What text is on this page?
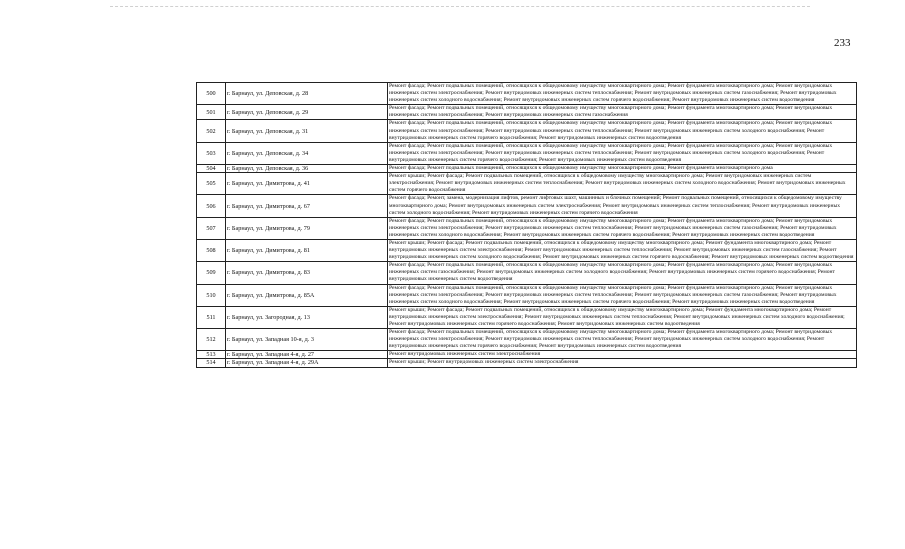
233
500	г. Барнаул, ул. Деповская, д. 28	Ремонт фасада; Ремонт подвальных помещений, относящихся к общедомовому имуществу многоквартирного дома; Ремонт фундамента многоквартирного дома; Ремонт внутридомовых инженерных систем электроснабжения; Ремонт внутридомовых инженерных систем теплоснабжения; Ремонт внутридомовых инженерных систем газоснабжения; Ремонт внутридомовых инженерных систем холодного водоснабжения; Ремонт внутридомовых инженерных систем горячего водоснабжения; Ремонт внутридомовых инженерных систем водоотведения
501	г. Барнаул, ул. Деповская, д. 29	Ремонт фасада; Ремонт подвальных помещений, относящихся к общедомовому имуществу многоквартирного дома; Ремонт фундамента многоквартирного дома; Ремонт внутридомовых инженерных систем электроснабжения; Ремонт внутридомовых инженерных систем газоснабжения
502	г. Барнаул, ул. Деповская, д. 31	Ремонт фасада; Ремонт подвальных помещений, относящихся к общедомовому имуществу многоквартирного дома; Ремонт фундамента многоквартирного дома; Ремонт внутридомовых инженерных систем электроснабжения; Ремонт внутридомовых инженерных систем теплоснабжения; Ремонт внутридомовых инженерных систем холодного водоснабжения; Ремонт внутридомовых инженерных систем горячего водоснабжения; Ремонт внутридомовых инженерных систем водоотведения
503	г. Барнаул, ул. Деповская, д. 34	Ремонт фасада; Ремонт подвальных помещений, относящихся к общедомовому имуществу многоквартирного дома; Ремонт фундамента многоквартирного дома; Ремонт внутридомовых инженерных систем электроснабжения; Ремонт внутридомовых инженерных систем теплоснабжения; Ремонт внутридомовых инженерных систем холодного водоснабжения; Ремонт внутридомовых инженерных систем горячего водоснабжения; Ремонт внутридомовых инженерных систем водоотведения
504	г. Барнаул, ул. Деповская, д. 36	Ремонт фасада; Ремонт подвальных помещений, относящихся к общедомовому имуществу многоквартирного дома; Ремонт фундамента многоквартирного дома
505	г. Барнаул, ул. Димитрова, д. 41	Ремонт крыши; Ремонт фасада; Ремонт подвальных помещений, относящихся к общедомовому имуществу многоквартирного дома; Ремонт внутридомовых инженерных систем электроснабжения; Ремонт внутридомовых инженерных систем теплоснабжения; Ремонт внутридомовых инженерных систем холодного водоснабжения; Ремонт внутридомовых инженерных систем горячего водоснабжения
506	г. Барнаул, ул. Димитрова, д. 67	Ремонт фасада; Ремонт, замена, модернизация лифтов, ремонт лифтовых шахт, машинных и блочных помещений; Ремонт подвальных помещений, относящихся к общедомовому имуществу многоквартирного дома; Ремонт внутридомовых инженерных систем электроснабжения; Ремонт внутридомовых инженерных систем теплоснабжения; Ремонт внутридомовых инженерных систем холодного водоснабжения; Ремонт внутридомовых инженерных систем горячего водоснабжения
507	г. Барнаул, ул. Димитрова, д. 79	Ремонт фасада; Ремонт подвальных помещений, относящихся к общедомовому имуществу многоквартирного дома; Ремонт фундамента многоквартирного дома; Ремонт внутридомовых инженерных систем электроснабжения; Ремонт внутридомовых инженерных систем теплоснабжения; Ремонт внутридомовых инженерных систем газоснабжения; Ремонт внутридомовых инженерных систем холодного водоснабжения; Ремонт внутридомовых инженерных систем горячего водоснабжения; Ремонт внутридомовых инженерных систем водоотведения
508	г. Барнаул, ул. Димитрова, д. 81	Ремонт крыши; Ремонт фасада; Ремонт подвальных помещений, относящихся к общедомовому имуществу многоквартирного дома; Ремонт фундамента многоквартирного дома; Ремонт внутридомовых инженерных систем электроснабжения; Ремонт внутридомовых инженерных систем теплоснабжения; Ремонт внутридомовых инженерных систем газоснабжения; Ремонт внутридомовых инженерных систем холодного водоснабжения; Ремонт внутридомовых инженерных систем горячего водоснабжения; Ремонт внутридомовых инженерных систем водоотведения
509	г. Барнаул, ул. Димитрова, д. 83	Ремонт фасада; Ремонт подвальных помещений, относящихся к общедомовому имуществу многоквартирного дома; Ремонт фундамента многоквартирного дома; Ремонт внутридомовых инженерных систем газоснабжения; Ремонт внутридомовых инженерных систем холодного водоснабжения; Ремонт внутридомовых инженерных систем горячего водоснабжения; Ремонт внутридомовых инженерных систем водоотведения
510	г. Барнаул, ул. Димитрова, д. 85А	Ремонт фасада; Ремонт подвальных помещений, относящихся к общедомовому имуществу многоквартирного дома; Ремонт фундамента многоквартирного дома; Ремонт внутридомовых инженерных систем электроснабжения; Ремонт внутридомовых инженерных систем теплоснабжения; Ремонт внутридомовых инженерных систем газоснабжения; Ремонт внутридомовых инженерных систем холодного водоснабжения; Ремонт внутридомовых инженерных систем горячего водоснабжения; Ремонт внутридомовых инженерных систем водоотведения
511	г. Барнаул, ул. Загородная, д. 13	Ремонт крыши; Ремонт фасада; Ремонт подвальных помещений, относящихся к общедомовому имуществу многоквартирного дома; Ремонт фундамента многоквартирного дома; Ремонт внутридомовых инженерных систем электроснабжения; Ремонт внутридомовых инженерных систем теплоснабжения; Ремонт внутридомовых инженерных систем холодного водоснабжения; Ремонт внутридомовых инженерных систем горячего водоснабжения; Ремонт внутридомовых инженерных систем водоотведения
512	г. Барнаул, ул. Западная 10-я, д. 3	Ремонт фасада; Ремонт подвальных помещений, относящихся к общедомовому имуществу многоквартирного дома; Ремонт фундамента многоквартирного дома; Ремонт внутридомовых инженерных систем электроснабжения; Ремонт внутридомовых инженерных систем теплоснабжения; Ремонт внутридомовых инженерных систем холодного водоснабжения; Ремонт внутридомовых инженерных систем горячего водоснабжения; Ремонт внутридомовых инженерных систем водоотведения
513	г. Барнаул, ул. Западная 4-я, д. 27	Ремонт внутридомовых инженерных систем электроснабжения
514	г. Барнаул, ул. Западная 4-я, д. 29А	Ремонт крыши; Ремонт внутридомовых инженерных систем электроснабжения
